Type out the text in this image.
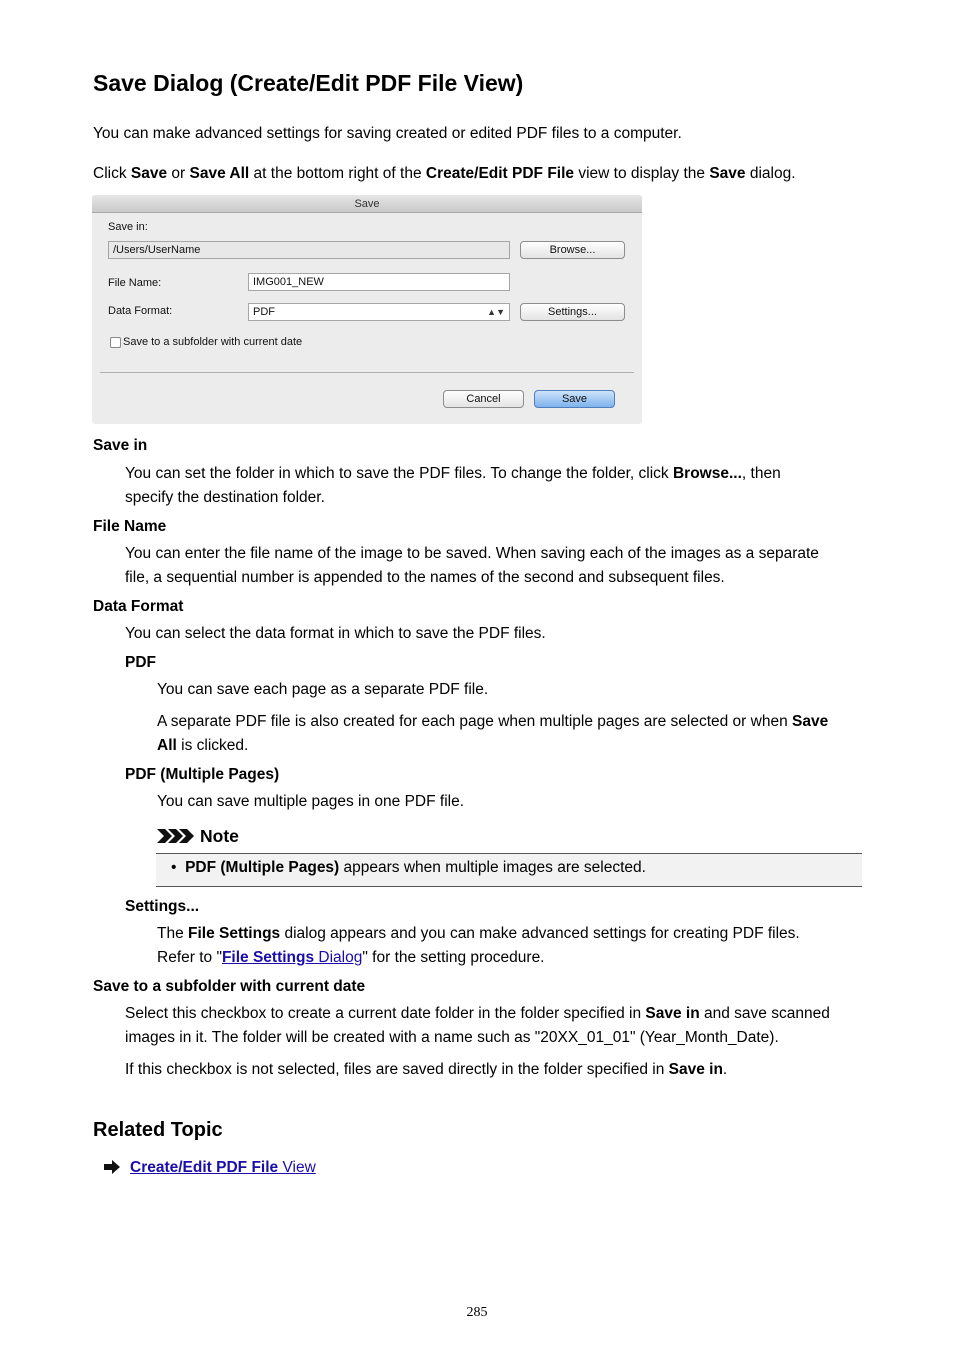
Save Dialog (Create/Edit PDF File View)
You can make advanced settings for saving created or edited PDF files to a computer.
Click Save or Save All at the bottom right of the Create/Edit PDF File view to display the Save dialog.
Save
Save in:
/Users/UserName	Browse...
File Name:	IMG001_NEW
Data Format:	PDF	▲▼	Settings...
Save to a subfolder with current date
Cancel	Save
Save in
You can set the folder in which to save the PDF files. To change the folder, click Browse..., then
specify the destination folder.
File Name
You can enter the file name of the image to be saved. When saving each of the images as a separate
file, a sequential number is appended to the names of the second and subsequent files.
Data Format
You can select the data format in which to save the PDF files.
PDF
You can save each page as a separate PDF file.
A separate PDF file is also created for each page when multiple pages are selected or when Save
All is clicked.
PDF (Multiple Pages)
You can save multiple pages in one PDF file.
Note
• PDF (Multiple Pages) appears when multiple images are selected.
Settings...
The File Settings dialog appears and you can make advanced settings for creating PDF files.
Refer to "File Settings Dialog" for the setting procedure.
Save to a subfolder with current date
Select this checkbox to create a current date folder in the folder specified in Save in and save scanned
images in it. The folder will be created with a name such as "20XX_01_01" (Year_Month_Date).
If this checkbox is not selected, files are saved directly in the folder specified in Save in.
Related Topic
Create/Edit PDF File View
285
